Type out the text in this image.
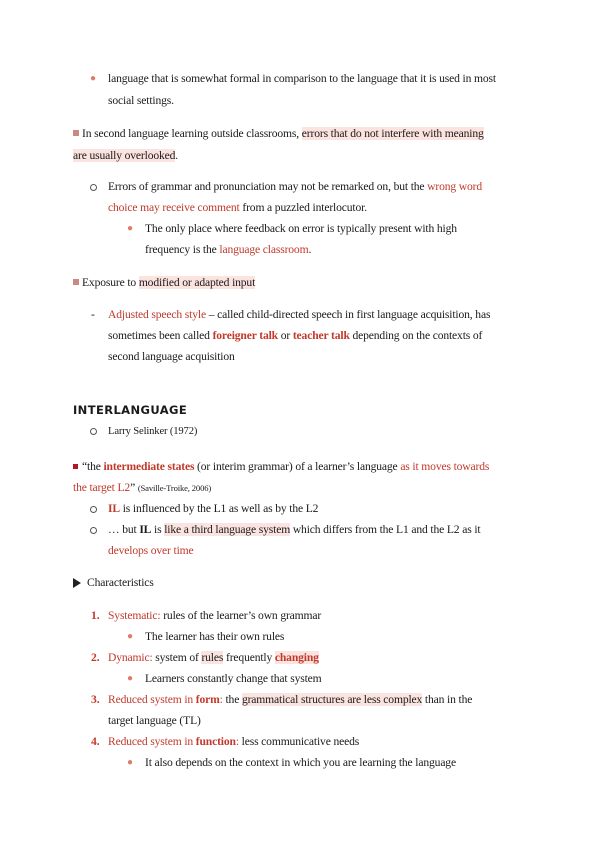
● language that is somewhat formal in comparison to the language that it is used in most
social settings.
In second language learning outside classrooms, errors that do not interfere with meaning
are usually overlooked.
Errors of grammar and pronunciation may not be remarked on, but the wrong word
choice may receive comment from a puzzled interlocutor.
● The only place where feedback on error is typically present with high
frequency is the language classroom.
Exposure to modified or adapted input
- Adjusted speech style – called child-directed speech in first language acquisition, has
sometimes been called foreigner talk or teacher talk depending on the contexts of
second language acquisition
INTERLANGUAGE
Larry Selinker (1972)
“the intermediate states (or interim grammar) of a learner’s language as it moves towards
the target L2” (Saville-Troike, 2006)
IL is influenced by the L1 as well as by the L2
… but IL is like a third language system which differs from the L1 and the L2 as it
develops over time
Characteristics
1. Systematic: rules of the learner’s own grammar
● The learner has their own rules
2. Dynamic: system of rules frequently changing
● Learners constantly change that system
3. Reduced system in form: the grammatical structures are less complex than in the
target language (TL)
4. Reduced system in function: less communicative needs
● It also depends on the context in which you are learning the language
